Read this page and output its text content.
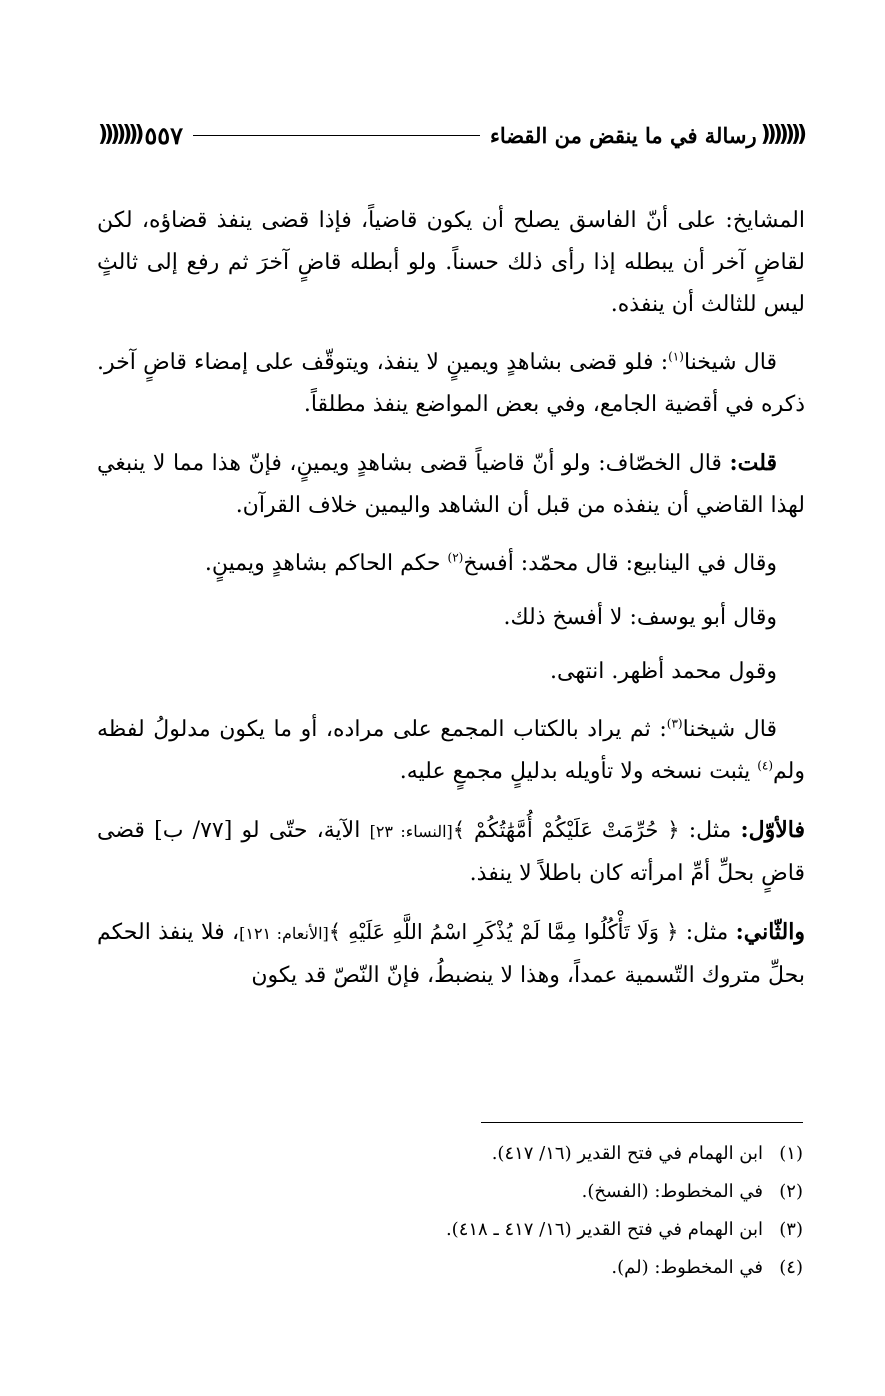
(((((((
رسالة في ما ينقض من القضاء
٥٥٧
(((((((

المشايخ: على أنّ الفاسق يصلح أن يكون قاضياً، فإذا قضى ينفذ قضاؤه، لكن لقاضٍ آخر أن يبطله إذا رأى ذلك حسناً. ولو أبطله قاضٍ آخرَ ثم رفع إلى ثالثٍ ليس للثالث أن ينفذه.

قال شيخنا$^{(١)}$: فلو قضى بشاهدٍ ويمينٍ لا ينفذ، ويتوقّف على إمضاء قاضٍ آخر. ذكره في أقضية الجامع، وفي بعض المواضع ينفذ مطلقاً.

قلت: قال الخصّاف: ولو أنّ قاضياً قضى بشاهدٍ ويمينٍ، فإنّ هذا مما لا ينبغي لهذا القاضي أن ينفذه من قبل أن الشاهد واليمين خلاف القرآن.

وقال في الينابيع: قال محمّد: أفسخ$^{(٢)}$ حكم الحاكم بشاهدٍ ويمينٍ.

وقال أبو يوسف: لا أفسخ ذلك.

وقول محمد أظهر. انتهى.

قال شيخنا$^{(٣)}$: ثم يراد بالكتاب المجمع على مراده، أو ما يكون مدلولُ لفظه ولم$^{(٤)}$ يثبت نسخه ولا تأويله بدليلٍ مجمعٍ عليه.

فالأوّل: مثل: ﴿ حُرِّمَتْ عَلَيْكُمْ أُمَّهَٰتُكُمْ ﴾[النساء: ٢٣] الآية، حتّى لو [٧٧/ ب] قضى قاضٍ بحلِّ أمِّ امرأته كان باطلاً لا ينفذ.

والثّاني: مثل: ﴿ وَلَا تَأْكُلُوا مِمَّا لَمْ يُذْكَرِ اسْمُ اللَّهِ عَلَيْهِ ﴾[الأنعام: ١٢١]، فلا ينفذ الحكم بحلِّ متروك التّسمية عمداً، وهذا لا ينضبطُ، فإنّ النّصّ قد يكون

(١)
ابن الهمام في فتح القدير (١٦/ ٤١٧).
(٢)
في المخطوط: (الفسخ).
(٣)
ابن الهمام في فتح القدير (١٦/ ٤١٧ ـ ٤١٨).
(٤)
في المخطوط: (لم).
